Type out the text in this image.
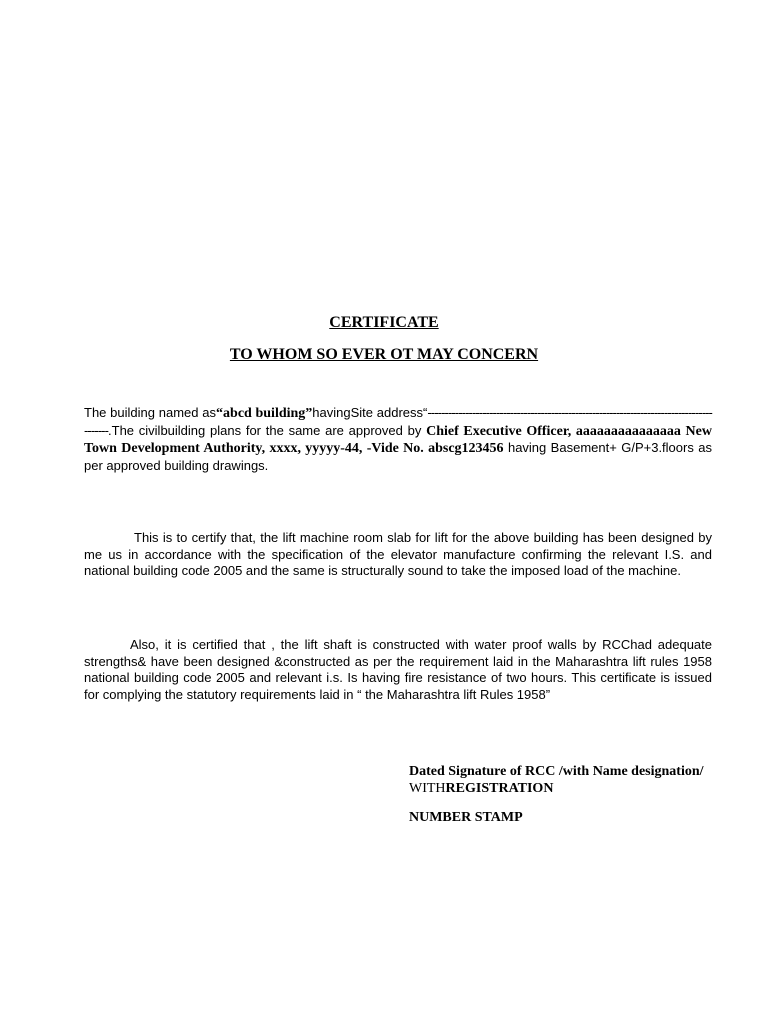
CERTIFICATE
TO WHOM SO EVER OT MAY CONCERN
The building named as“abcd building”havingSite address“------------------------------------------------------------------------------------------.The civilbuilding plans for the same are approved by Chief Executive Officer, aaaaaaaaaaaaaaa New Town Development Authority, xxxx, yyyyy-44, -Vide No. abscg123456 having Basement+ G/P+3.floors as per approved building drawings.
This is to certify that, the lift machine room slab for lift for the above building has been designed by me us in accordance with the specification of the elevator manufacture confirming the relevant I.S. and national building code 2005 and the same is structurally sound to take the imposed load of the machine.
Also, it is certified that , the lift shaft is constructed with water proof walls by RCChad adequate strengths& have been designed &constructed as per the requirement laid in the Maharashtra lift rules 1958 national building code 2005 and relevant i.s. Is having fire resistance of two hours. This certificate is issued for complying the statutory requirements laid in “ the Maharashtra lift Rules 1958”
Dated Signature of RCC /with Name designation/ WITHREGISTRATION
NUMBER STAMP
